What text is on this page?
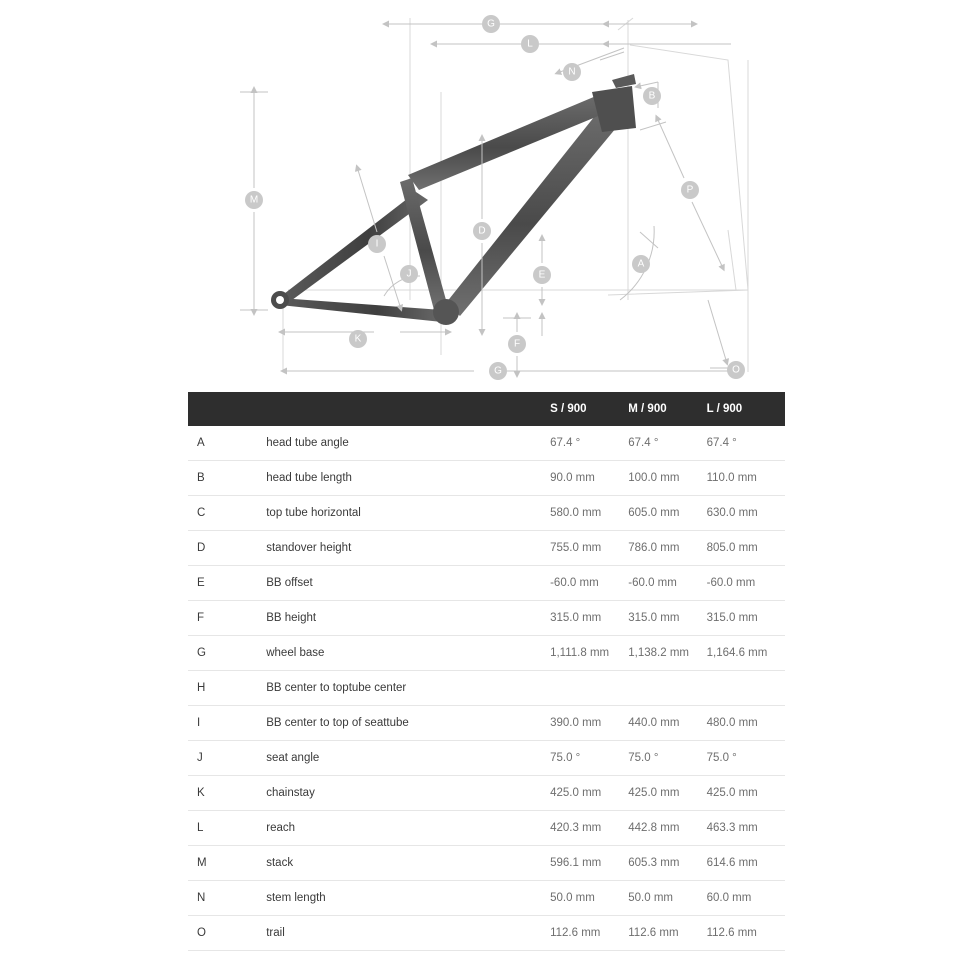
G
L
N
B
M
P
D
I
A
J	E
K	F
G	O
		S / 900	M / 900	L / 900
A	head tube angle	67.4 °	67.4 °	67.4 °
B	head tube length	90.0 mm	100.0 mm	110.0 mm
C	top tube horizontal	580.0 mm	605.0 mm	630.0 mm
D	standover height	755.0 mm	786.0 mm	805.0 mm
E	BB offset	-60.0 mm	-60.0 mm	-60.0 mm
F	BB height	315.0 mm	315.0 mm	315.0 mm
G	wheel base	1,111.8 mm	1,138.2 mm	1,164.6 mm
H	BB center to toptube center			
I	BB center to top of seattube	390.0 mm	440.0 mm	480.0 mm
J	seat angle	75.0 °	75.0 °	75.0 °
K	chainstay	425.0 mm	425.0 mm	425.0 mm
L	reach	420.3 mm	442.8 mm	463.3 mm
M	stack	596.1 mm	605.3 mm	614.6 mm
N	stem length	50.0 mm	50.0 mm	60.0 mm
O	trail	112.6 mm	112.6 mm	112.6 mm
